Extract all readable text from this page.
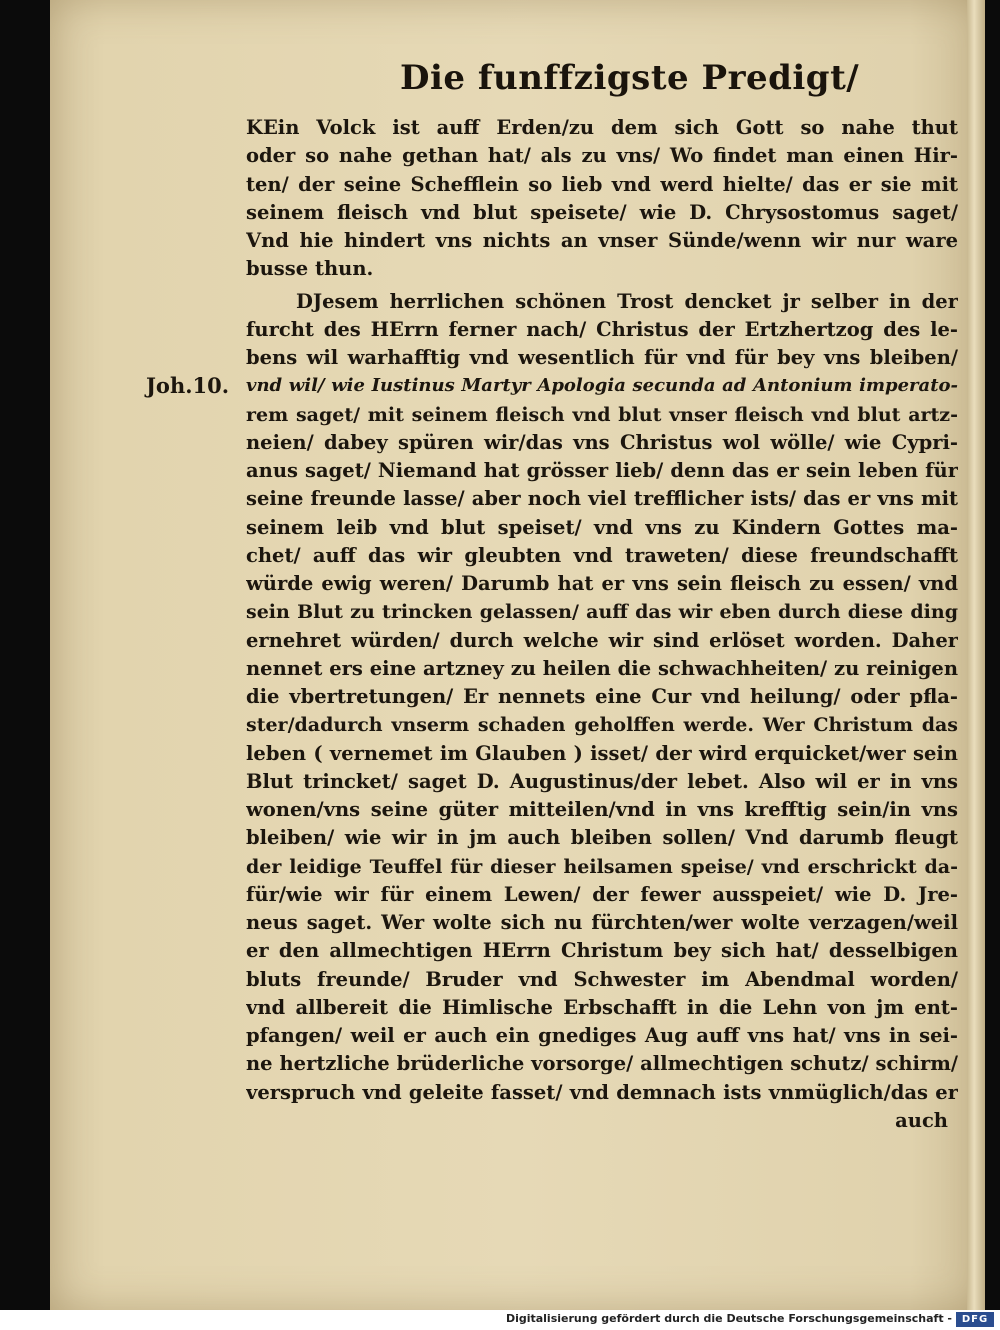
Die funffzigste Predigt/
Joh.10.
KEin Volck ist auff Erden/zu dem sich Gott so nahe thut
oder so nahe gethan hat/ als zu vns/ Wo findet man einen Hir-
ten/ der seine Schefflein so lieb vnd werd hielte/ das er sie mit
seinem fleisch vnd blut speisete/ wie D. Chrysostomus saget/
Vnd hie hindert vns nichts an vnser Sünde/wenn wir nur ware
busse thun.
DJesem herrlichen schönen Trost dencket jr selber in der
furcht des HErrn ferner nach/ Christus der Ertzhertzog des le-
bens wil warhafftig vnd wesentlich für vnd für bey vns bleiben/
vnd wil/ wie Iustinus Martyr Apologia secunda ad Antonium imperato-
rem saget/ mit seinem fleisch vnd blut vnser fleisch vnd blut artz-
neien/ dabey spüren wir/das vns Christus wol wölle/ wie Cypri-
anus saget/ Niemand hat grösser lieb/ denn das er sein leben für
seine freunde lasse/ aber noch viel trefflicher ists/ das er vns mit
seinem leib vnd blut speiset/ vnd vns zu Kindern Gottes ma-
chet/ auff das wir gleubten vnd traweten/ diese freundschafft
würde ewig weren/ Darumb hat er vns sein fleisch zu essen/ vnd
sein Blut zu trincken gelassen/ auff das wir eben durch diese ding
ernehret würden/ durch welche wir sind erlöset worden. Daher
nennet ers eine artzney zu heilen die schwachheiten/ zu reinigen
die vbertretungen/ Er nennets eine Cur vnd heilung/ oder pfla-
ster/dadurch vnserm schaden geholffen werde. Wer Christum das
leben ( vernemet im Glauben ) isset/ der wird erquicket/wer sein
Blut trincket/ saget D. Augustinus/der lebet. Also wil er in vns
wonen/vns seine güter mitteilen/vnd in vns krefftig sein/in vns
bleiben/ wie wir in jm auch bleiben sollen/ Vnd darumb fleugt
der leidige Teuffel für dieser heilsamen speise/ vnd erschrickt da-
für/wie wir für einem Lewen/ der fewer ausspeiet/ wie D. Jre-
neus saget. Wer wolte sich nu fürchten/wer wolte verzagen/weil
er den allmechtigen HErrn Christum bey sich hat/ desselbigen
bluts freunde/ Bruder vnd Schwester im Abendmal worden/
vnd allbereit die Himlische Erbschafft in die Lehn von jm ent-
pfangen/ weil er auch ein gnediges Aug auff vns hat/ vns in sei-
ne hertzliche brüderliche vorsorge/ allmechtigen schutz/ schirm/
verspruch vnd geleite fasset/ vnd demnach ists vnmüglich/das er
auch
Digitalisierung gefördert durch die Deutsche Forschungsgemeinschaft - DFG
